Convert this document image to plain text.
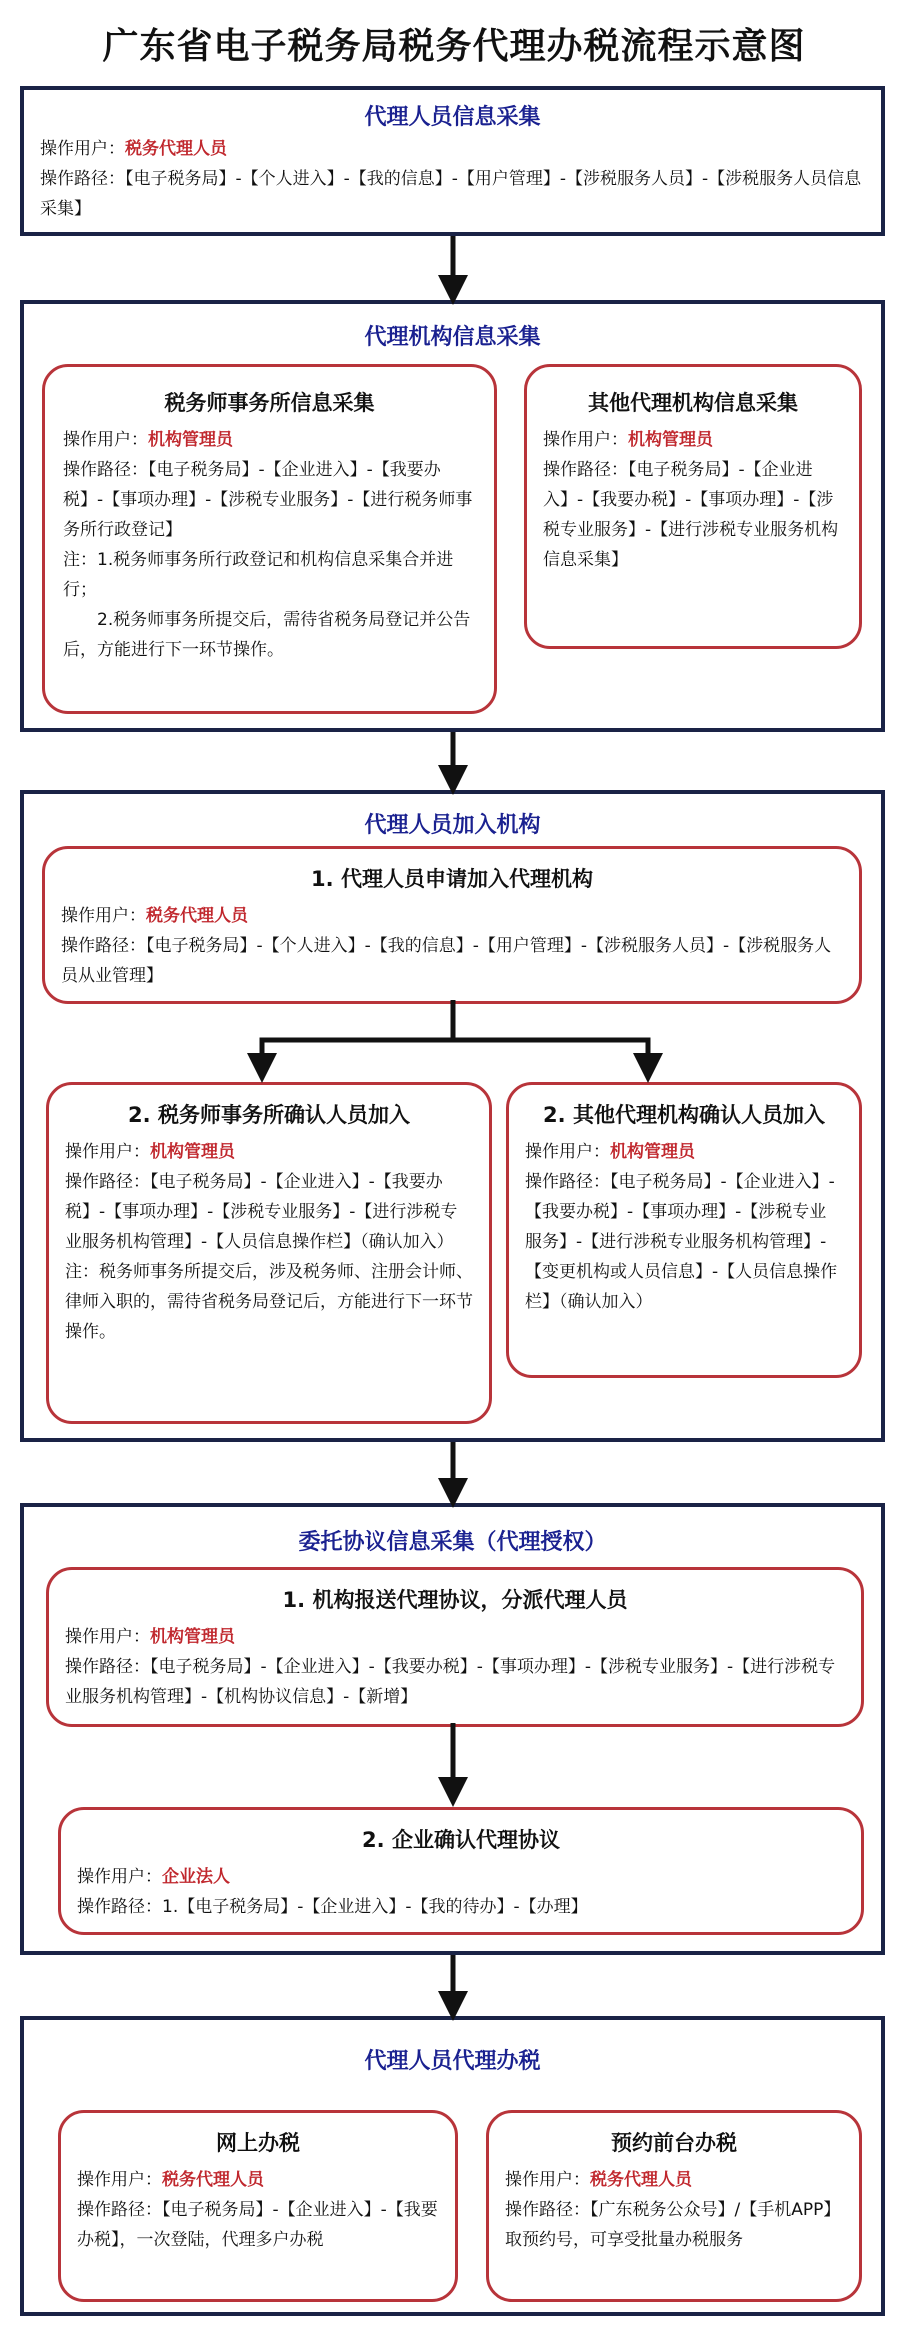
广东省电子税务局税务代理办税流程示意图
代理人员信息采集
操作用户：税务代理人员
操作路径：【电子税务局】-【个人进入】-【我的信息】-【用户管理】-【涉税服务人员】-【涉税服务人员信息采集】
代理机构信息采集
税务师事务所信息采集
操作用户：机构管理员
操作路径：【电子税务局】-【企业进入】-【我要办税】-【事项办理】-【涉税专业服务】-【进行税务师事务所行政登记】
注：1.税务师事务所行政登记和机构信息采集合并进行；
2.税务师事务所提交后，需待省税务局登记并公告后，方能进行下一环节操作。
其他代理机构信息采集
操作用户：机构管理员
操作路径：【电子税务局】-【企业进入】-【我要办税】-【事项办理】-【涉税专业服务】-【进行涉税专业服务机构信息采集】
代理人员加入机构
1. 代理人员申请加入代理机构
操作用户：税务代理人员
操作路径：【电子税务局】-【个人进入】-【我的信息】-【用户管理】-【涉税服务人员】-【涉税服务人员从业管理】
2. 税务师事务所确认人员加入
操作用户：机构管理员
操作路径：【电子税务局】-【企业进入】-【我要办税】-【事项办理】-【涉税专业服务】-【进行涉税专业服务机构管理】-【人员信息操作栏】（确认加入）
注：税务师事务所提交后，涉及税务师、注册会计师、律师入职的，需待省税务局登记后，方能进行下一环节操作。
2. 其他代理机构确认人员加入
操作用户：机构管理员
操作路径：【电子税务局】-【企业进入】-【我要办税】-【事项办理】-【涉税专业服务】-【进行涉税专业服务机构管理】-【变更机构或人员信息】-【人员信息操作栏】（确认加入）
委托协议信息采集（代理授权）
1. 机构报送代理协议，分派代理人员
操作用户：机构管理员
操作路径：【电子税务局】-【企业进入】-【我要办税】-【事项办理】-【涉税专业服务】-【进行涉税专业服务机构管理】-【机构协议信息】-【新增】
2. 企业确认代理协议
操作用户：企业法人
操作路径：1.【电子税务局】-【企业进入】-【我的待办】-【办理】
代理人员代理办税
网上办税
操作用户：税务代理人员
操作路径：【电子税务局】-【企业进入】-【我要办税】，一次登陆，代理多户办税
预约前台办税
操作用户：税务代理人员
操作路径：【广东税务公众号】/【手机APP】取预约号，可享受批量办税服务
